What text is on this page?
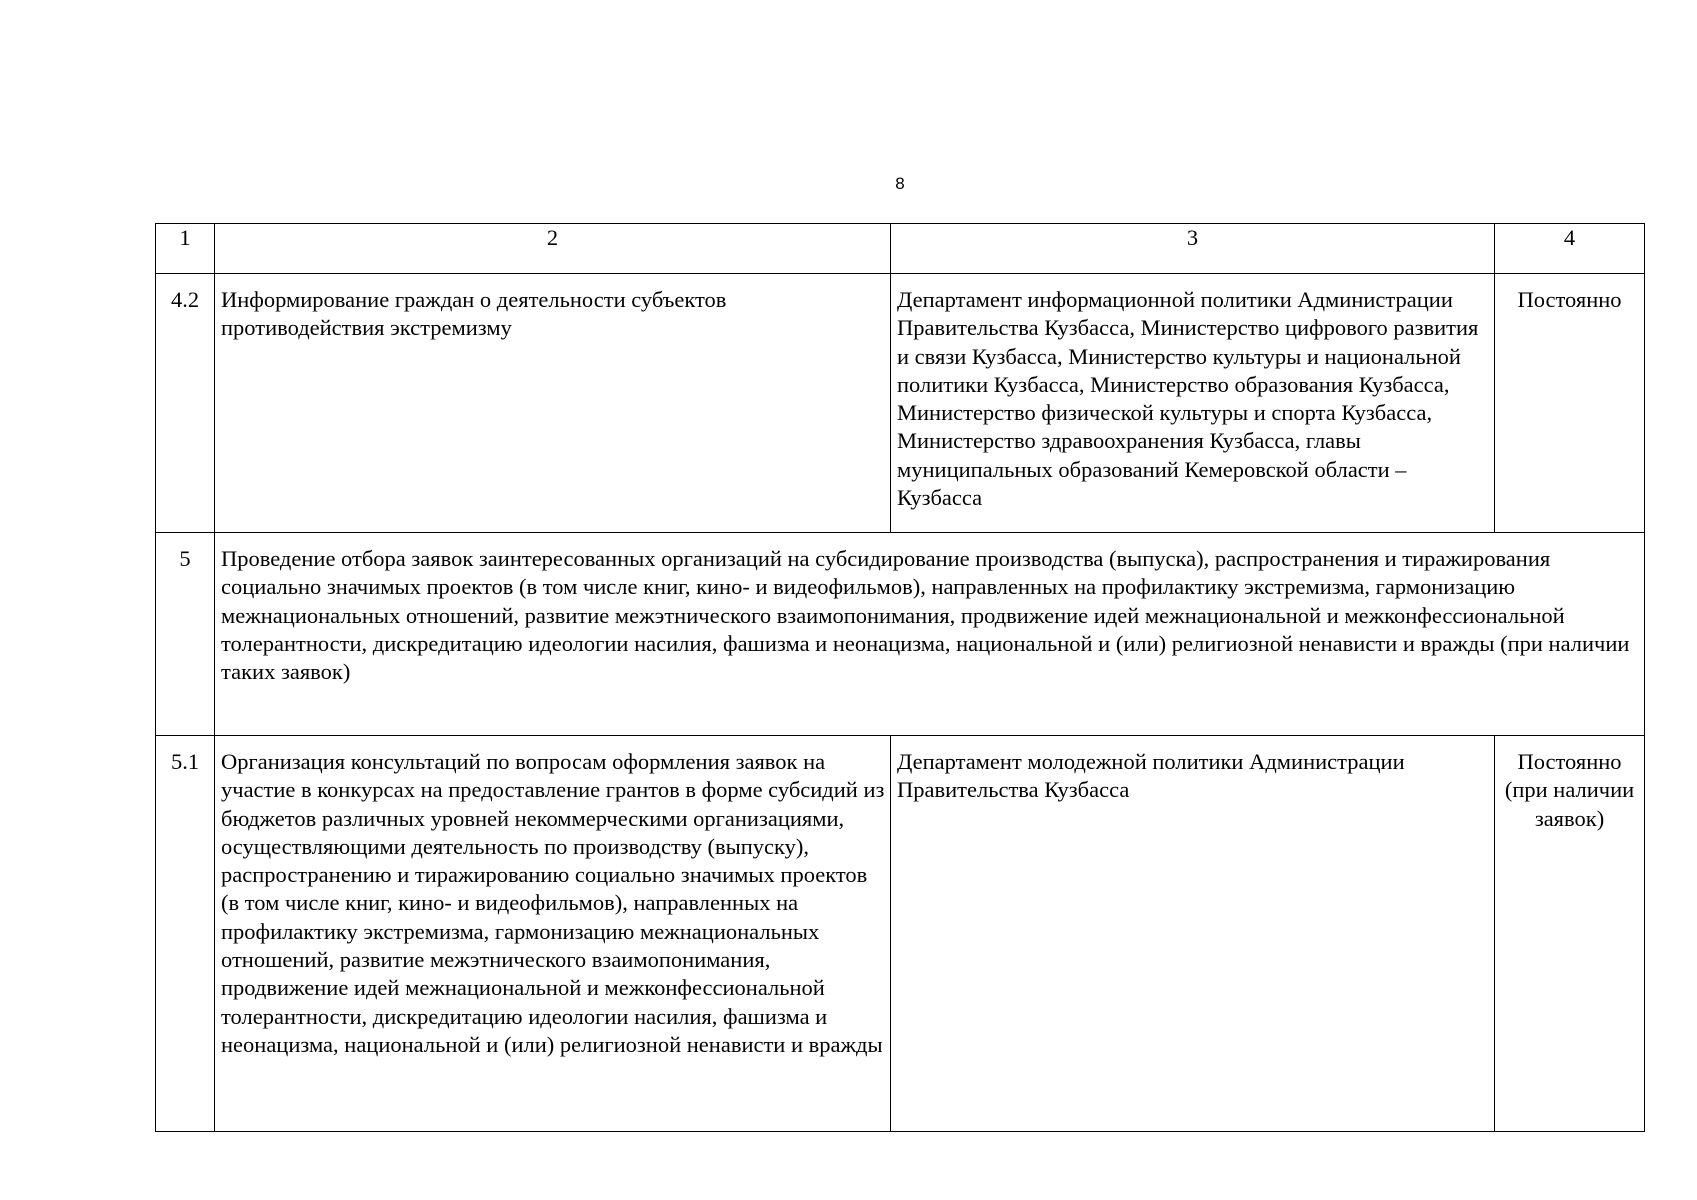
8
1	2	3	4
4.2	Информирование граждан о деятельности субъектов противодействия экстремизму	Департамент информационной политики Администрации Правительства Кузбасса, Министерство цифрового развития и связи Кузбасса, Министерство культуры и национальной политики Кузбасса, Министерство образования Кузбасса, Министерство физической культуры и спорта Кузбасса, Министерство здравоохранения Кузбасса, главы муниципальных образований Кемеровской области – Кузбасса	Постоянно
5	Проведение отбора заявок заинтересованных организаций на субсидирование производства (выпуска), распространения и тиражирования социально значимых проектов (в том числе книг, кино- и видеофильмов), направленных на профилактику экстремизма, гармонизацию межнациональных отношений, развитие межэтнического взаимопонимания, продвижение идей межнациональной и межконфессиональной толерантности, дискредитацию идеологии насилия, фашизма и неонацизма, национальной и (или) религиозной ненависти и вражды (при наличии таких заявок)		
5.1	Организация консультаций по вопросам оформления заявок на участие в конкурсах на предоставление грантов в форме субсидий из бюджетов различных уровней некоммерческими организациями, осуществляющими деятельность по производству (выпуску), распространению и тиражированию социально значимых проектов (в том числе книг, кино- и видеофильмов), направленных на профилактику экстремизма, гармонизацию межнациональных отношений, развитие межэтнического взаимопонимания, продвижение идей межнациональной и межконфессиональной толерантности, дискредитацию идеологии насилия, фашизма и неонацизма, национальной и (или) религиозной ненависти и вражды	Департамент молодежной политики Администрации Правительства Кузбасса	Постоянно (при наличии заявок)
